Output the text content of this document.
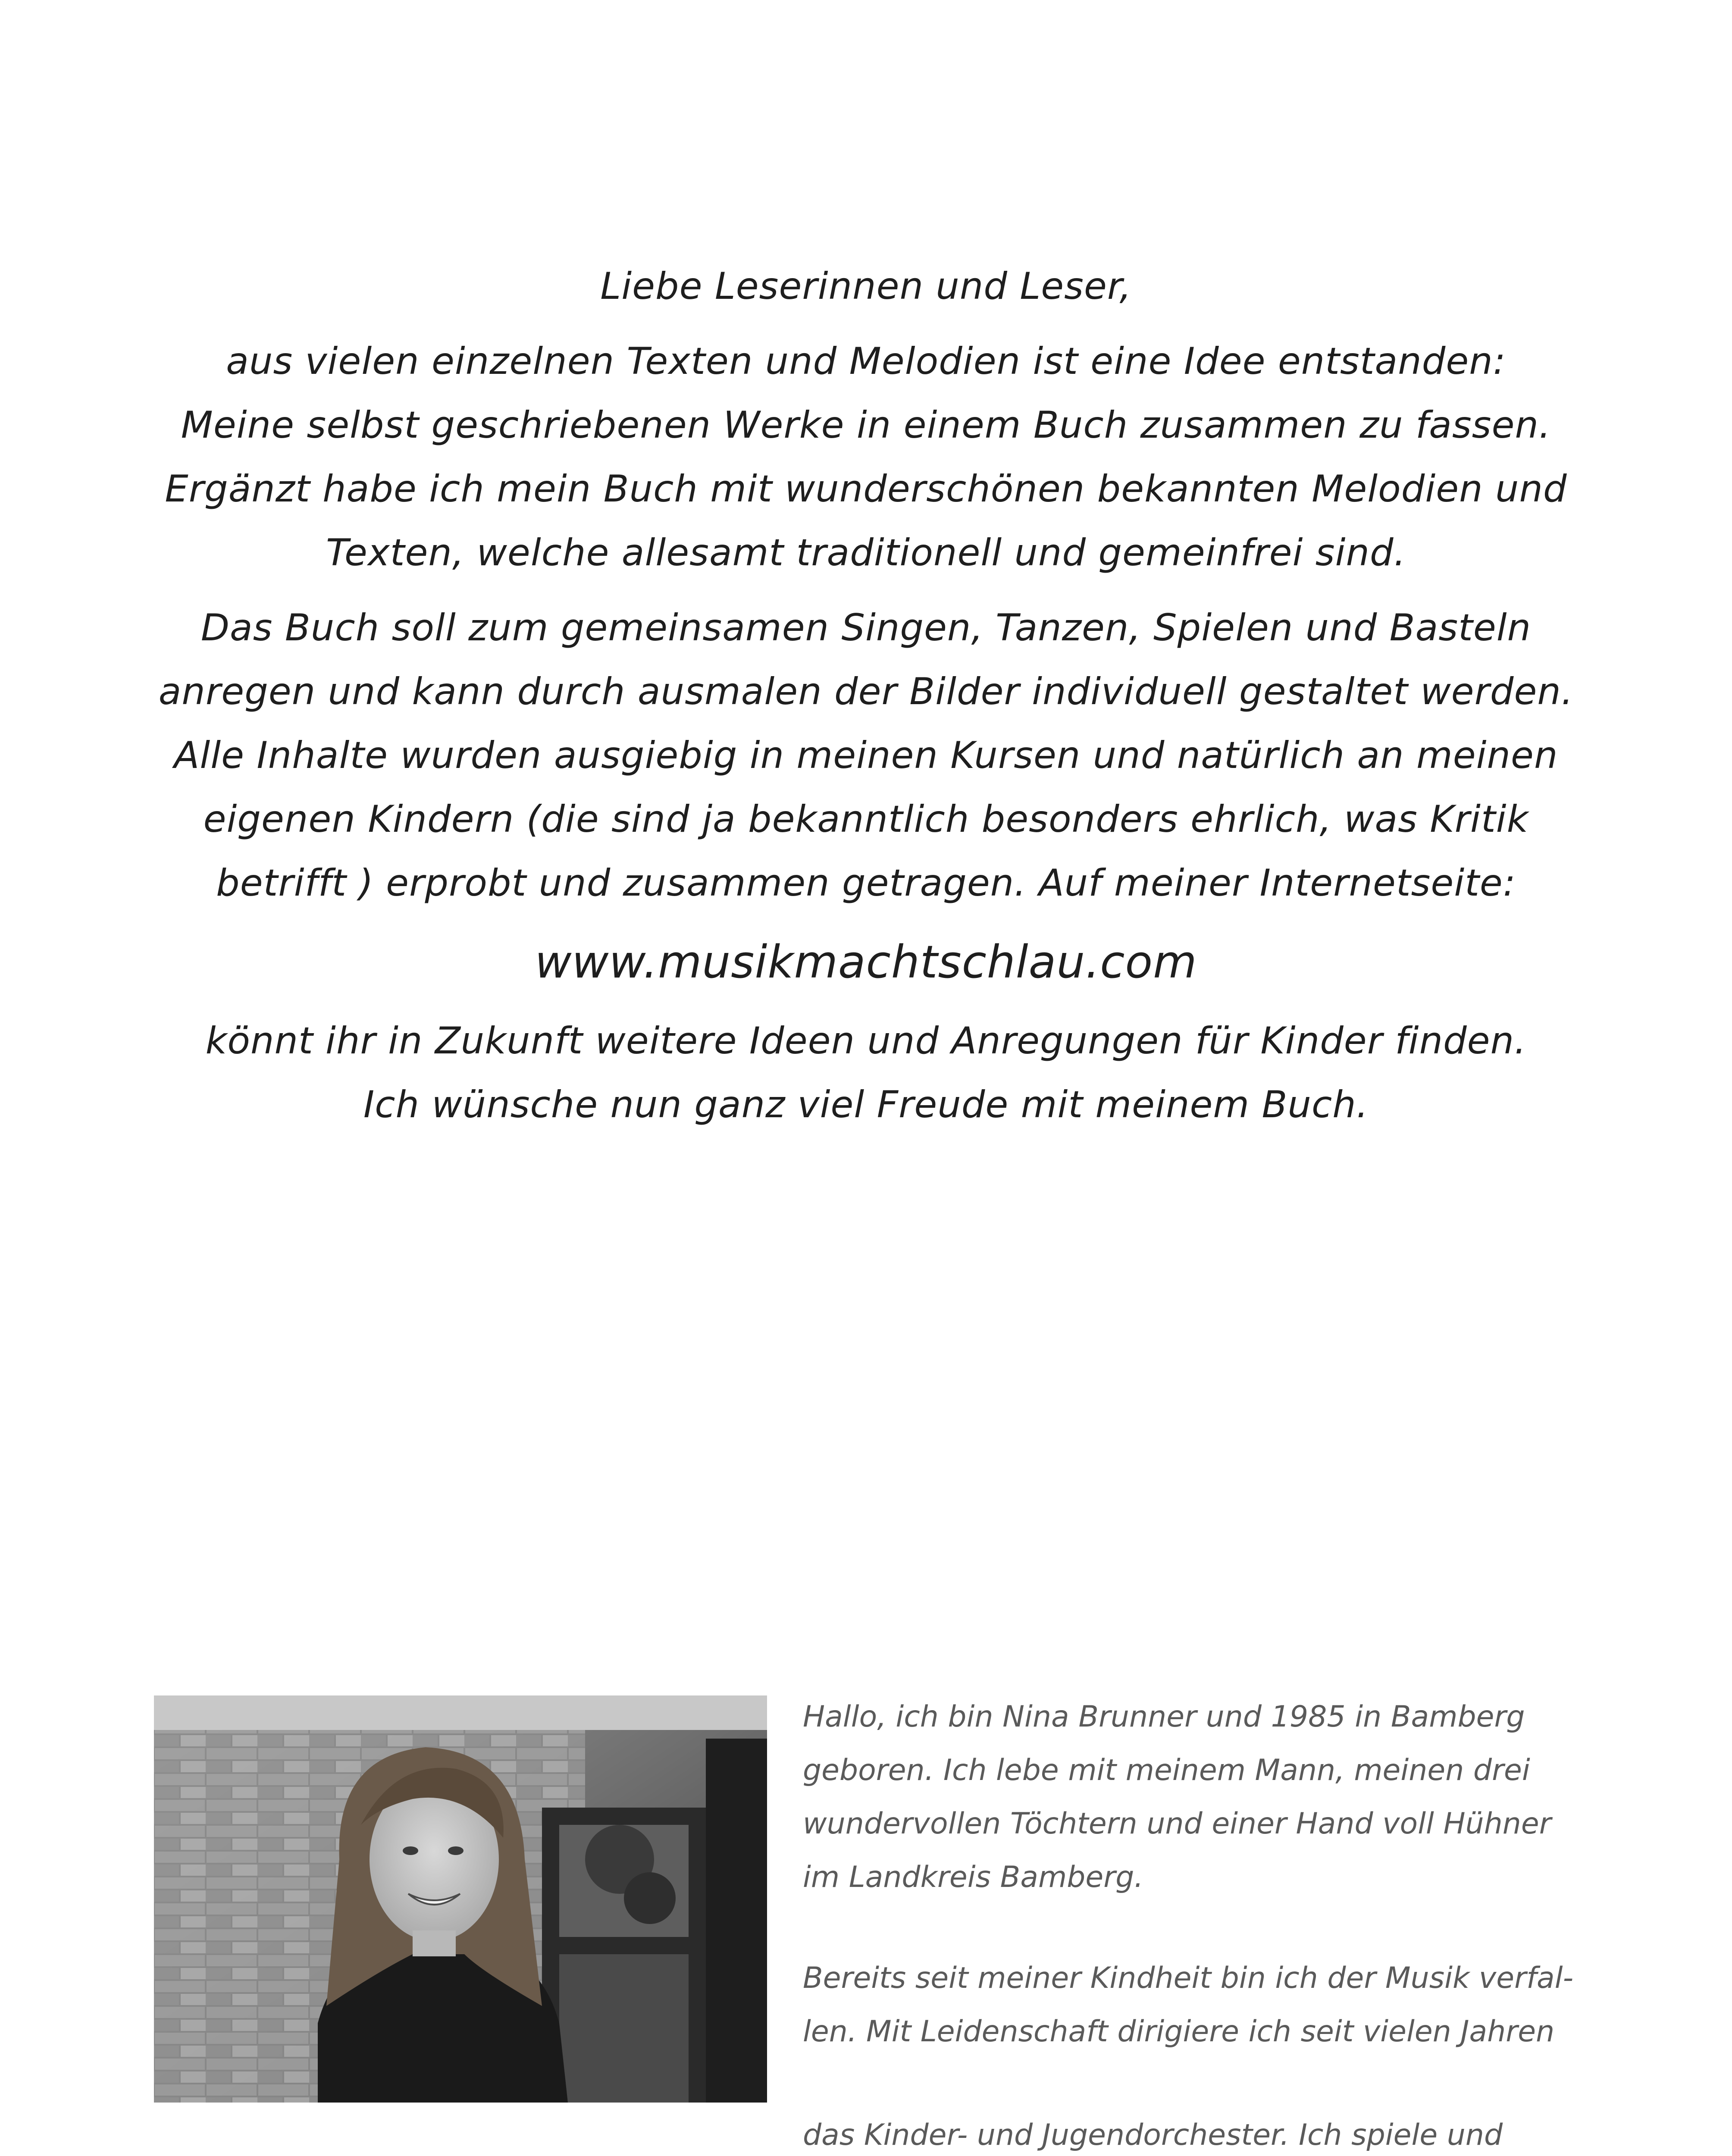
Liebe Leserinnen und Leser,
aus vielen einzelnen Texten und Melodien ist eine Idee entstanden:
Meine selbst geschriebenen Werke in einem Buch zusammen zu fassen.
Ergänzt habe ich mein Buch mit wunderschönen bekannten Melodien und
Texten, welche allesamt traditionell und gemeinfrei sind.
Das Buch soll zum gemeinsamen Singen, Tanzen, Spielen und Basteln
anregen und kann durch ausmalen der Bilder individuell gestaltet werden.
Alle Inhalte wurden ausgiebig in meinen Kursen und natürlich an meinen
eigenen Kindern (die sind ja bekanntlich besonders ehrlich, was Kritik
betrifft ) erprobt und zusammen getragen. Auf meiner Internetseite:
www.musikmachtschlau.com
könnt ihr in Zukunft weitere Ideen und Anregungen für Kinder finden.
Ich wünsche nun ganz viel Freude mit meinem Buch.
Hallo, ich bin Nina Brunner und 1985 in Bamberg
geboren. Ich lebe mit meinem Mann, meinen drei
wundervollen Töchtern und einer Hand voll Hühner
im Landkreis Bamberg.
Bereits seit meiner Kindheit bin ich der Musik verfal-
len. Mit Leidenschaft dirigiere ich seit vielen Jahren
das Kinder- und Jugendorchester. Ich spiele und
